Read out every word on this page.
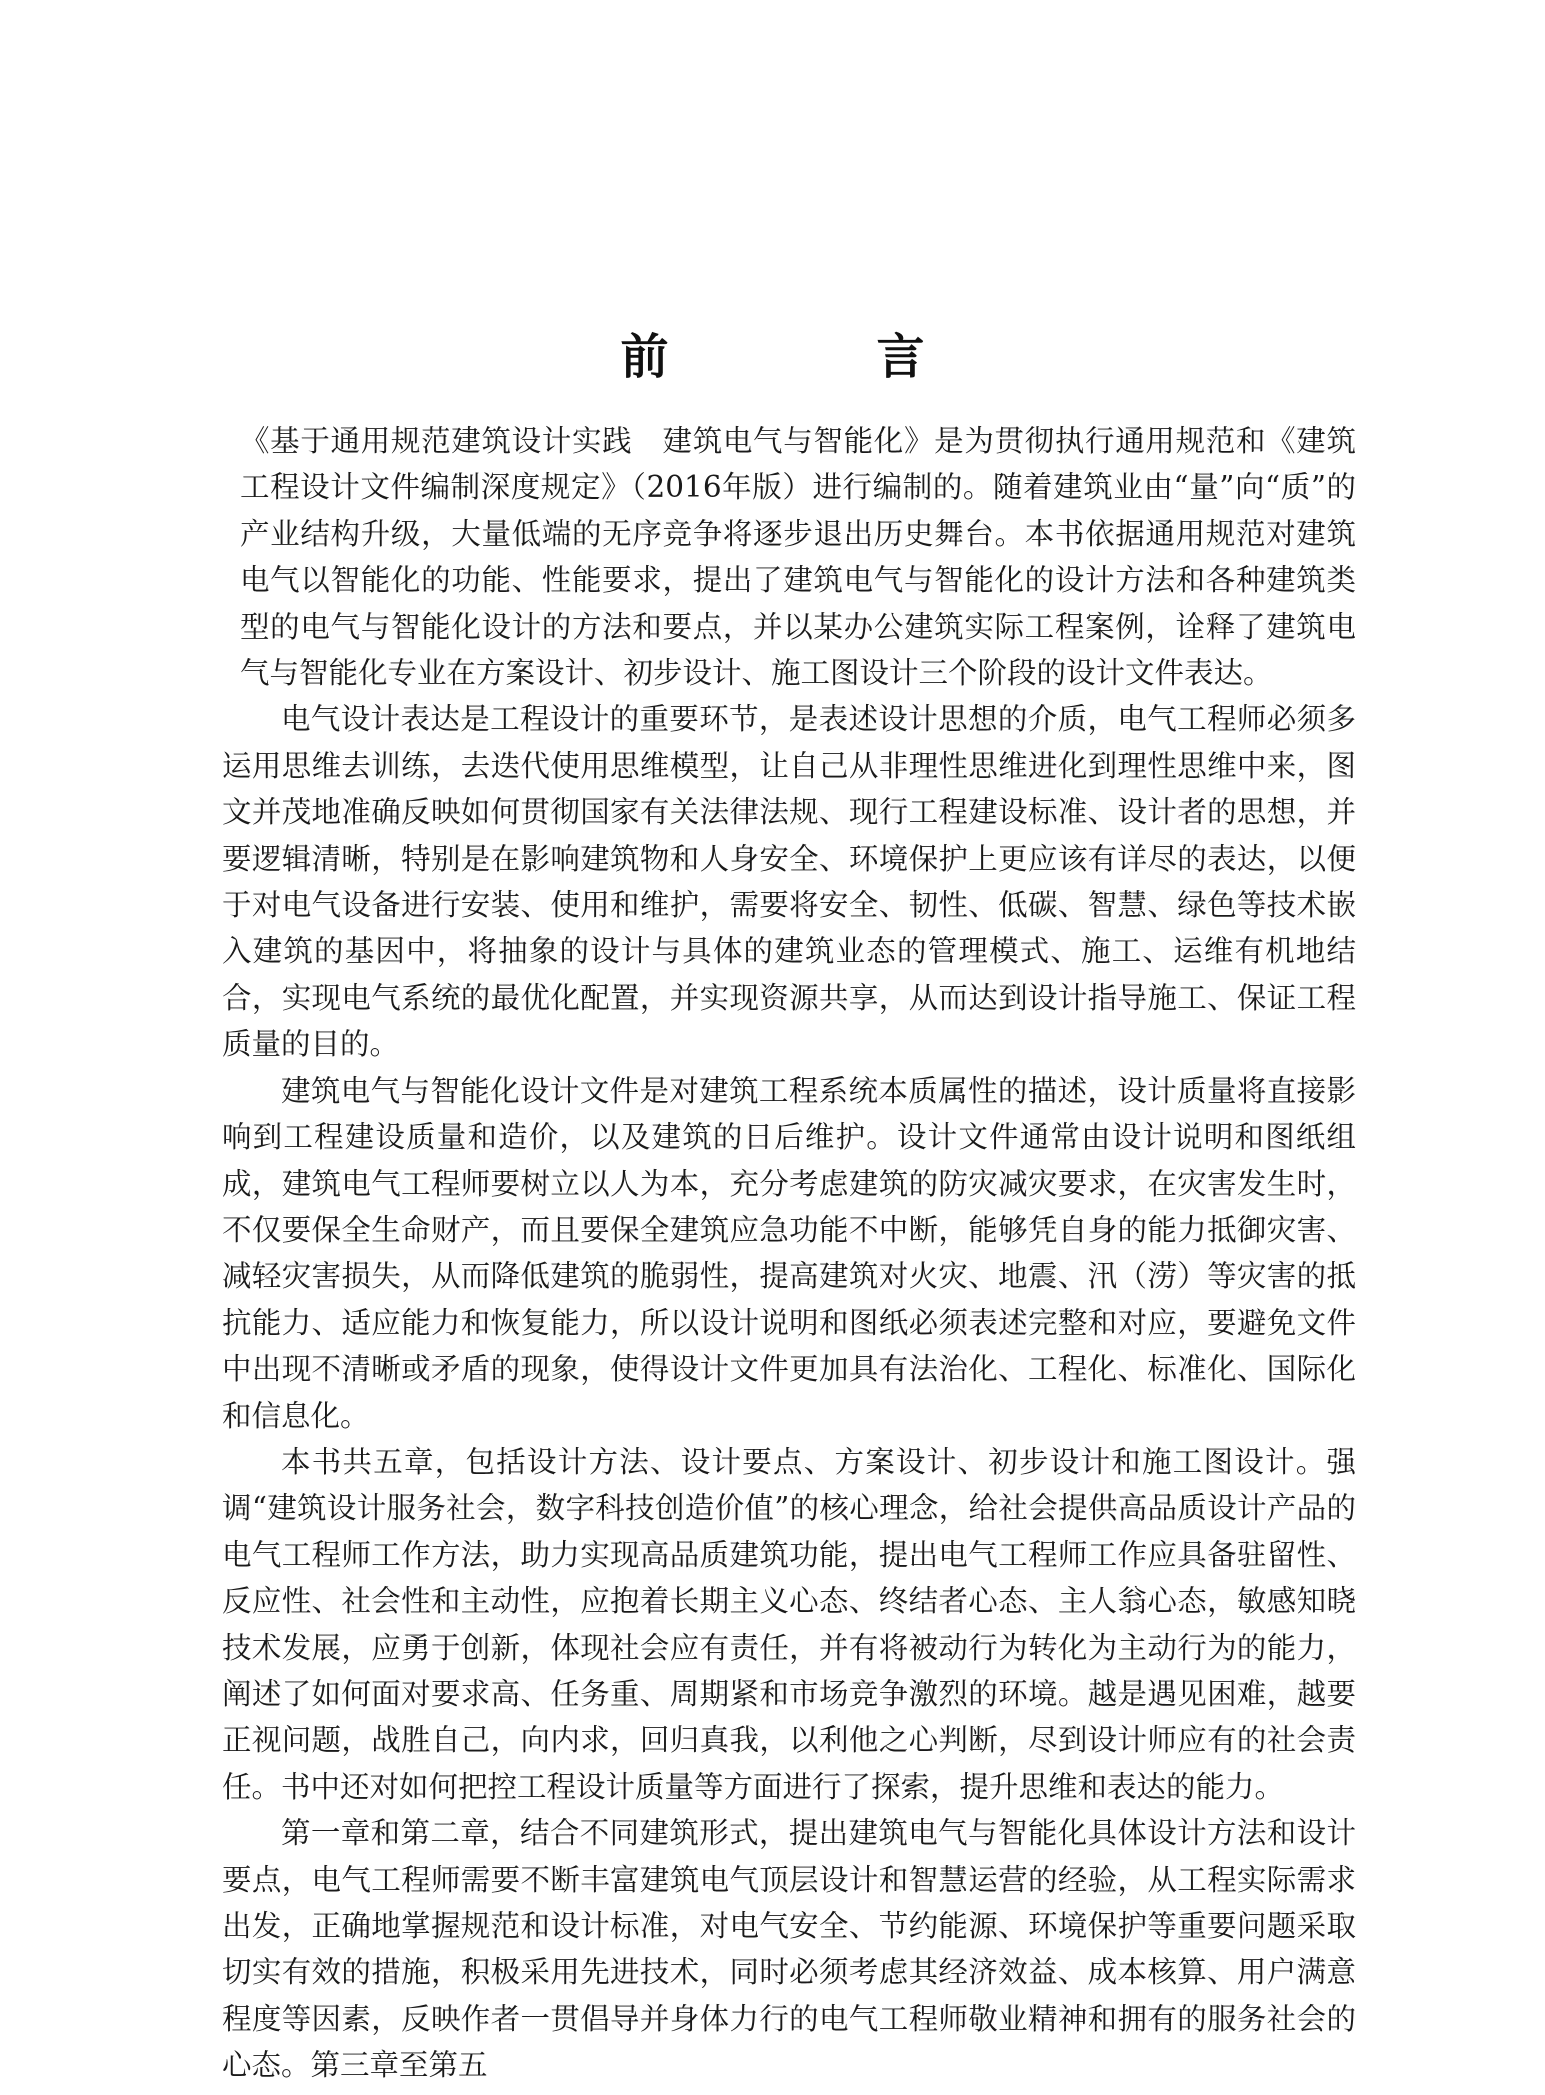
前　言

《基于通用规范建筑设计实践　建筑电气与智能化》是为贯彻执行通用规范和《建筑工程设计文件编制深度规定》（2016年版）进行编制的。随着建筑业由“量”向“质”的产业结构升级，大量低端的无序竞争将逐步退出历史舞台。本书依据通用规范对建筑电气以智能化的功能、性能要求，提出了建筑电气与智能化的设计方法和各种建筑类型的电气与智能化设计的方法和要点，并以某办公建筑实际工程案例，诠释了建筑电气与智能化专业在方案设计、初步设计、施工图设计三个阶段的设计文件表达。

电气设计表达是工程设计的重要环节，是表述设计思想的介质，电气工程师必须多运用思维去训练，去迭代使用思维模型，让自己从非理性思维进化到理性思维中来，图文并茂地准确反映如何贯彻国家有关法律法规、现行工程建设标准、设计者的思想，并要逻辑清晰，特别是在影响建筑物和人身安全、环境保护上更应该有详尽的表达，以便于对电气设备进行安装、使用和维护，需要将安全、韧性、低碳、智慧、绿色等技术嵌入建筑的基因中，将抽象的设计与具体的建筑业态的管理模式、施工、运维有机地结合，实现电气系统的最优化配置，并实现资源共享，从而达到设计指导施工、保证工程质量的目的。

建筑电气与智能化设计文件是对建筑工程系统本质属性的描述，设计质量将直接影响到工程建设质量和造价，以及建筑的日后维护。设计文件通常由设计说明和图纸组成，建筑电气工程师要树立以人为本，充分考虑建筑的防灾减灾要求，在灾害发生时，不仅要保全生命财产，而且要保全建筑应急功能不中断，能够凭自身的能力抵御灾害、减轻灾害损失，从而降低建筑的脆弱性，提高建筑对火灾、地震、汛（涝）等灾害的抵抗能力、适应能力和恢复能力，所以设计说明和图纸必须表述完整和对应，要避免文件中出现不清晰或矛盾的现象，使得设计文件更加具有法治化、工程化、标准化、国际化和信息化。

本书共五章，包括设计方法、设计要点、方案设计、初步设计和施工图设计。强调“建筑设计服务社会，数字科技创造价值”的核心理念，给社会提供高品质设计产品的电气工程师工作方法，助力实现高品质建筑功能，提出电气工程师工作应具备驻留性、反应性、社会性和主动性，应抱着长期主义心态、终结者心态、主人翁心态，敏感知晓技术发展，应勇于创新，体现社会应有责任，并有将被动行为转化为主动行为的能力，阐述了如何面对要求高、任务重、周期紧和市场竞争激烈的环境。越是遇见困难，越要正视问题，战胜自己，向内求，回归真我，以利他之心判断，尽到设计师应有的社会责任。书中还对如何把控工程设计质量等方面进行了探索，提升思维和表达的能力。

第一章和第二章，结合不同建筑形式，提出建筑电气与智能化具体设计方法和设计要点，电气工程师需要不断丰富建筑电气顶层设计和智慧运营的经验，从工程实际需求出发，正确地掌握规范和设计标准，对电气安全、节约能源、环境保护等重要问题采取切实有效的措施，积极采用先进技术，同时必须考虑其经济效益、成本核算、用户满意程度等因素，反映作者一贯倡导并身体力行的电气工程师敬业精神和拥有的服务社会的心态。第三章至第五
